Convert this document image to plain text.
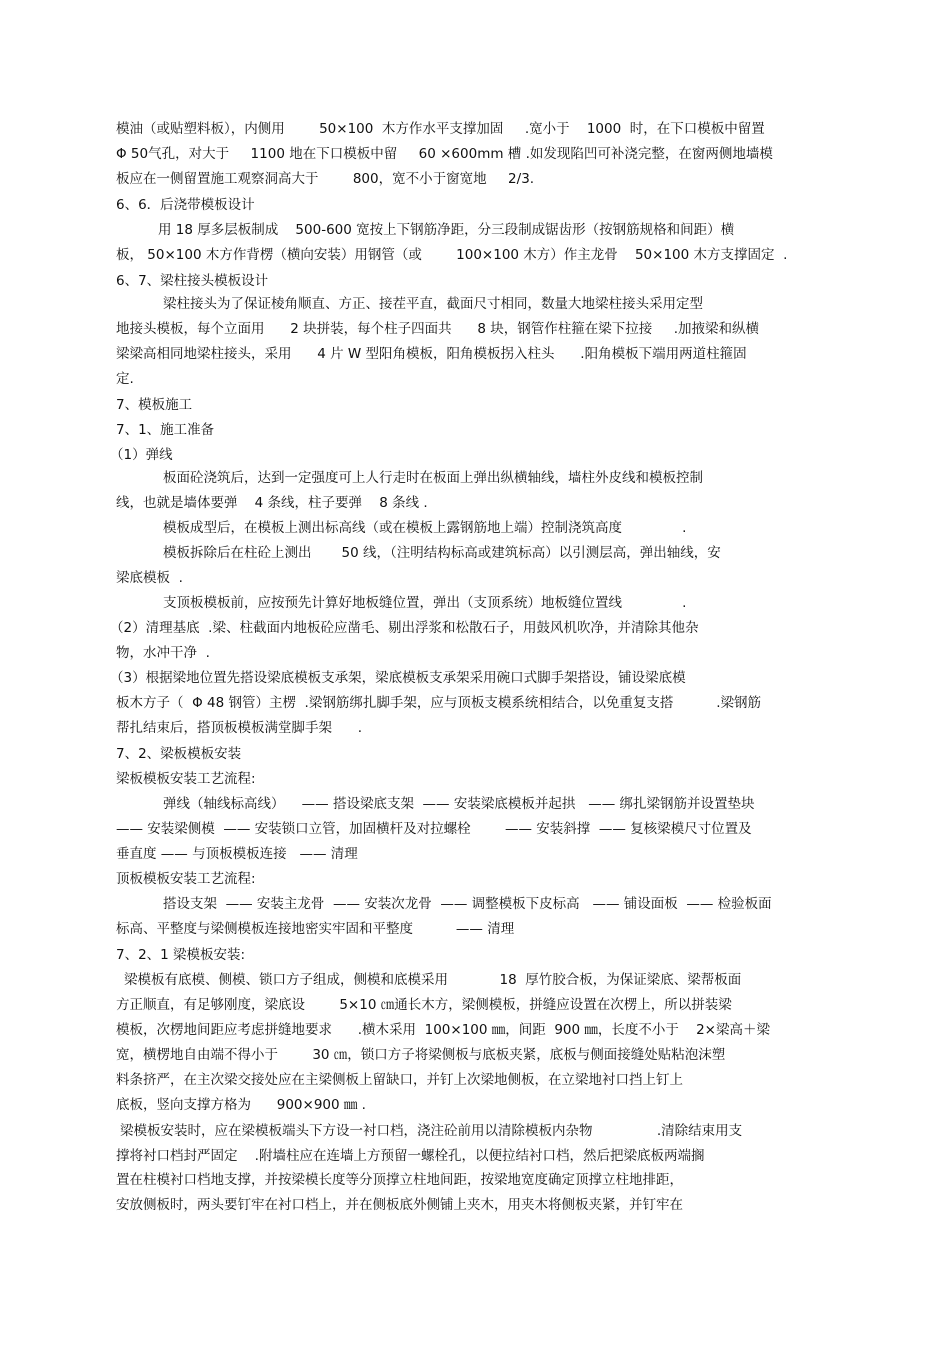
模油（或贴塑料板），内侧用        50×100  木方作水平支撑加固     .宽小于    1000  时，在下口模板中留置
Φ 50气孔，对大于     1100 地在下口模板中留     60 ×600mm 槽 .如发现陷凹可补浇完整，在窗两侧地墙模
板应在一侧留置施工观察洞高大于        800，宽不小于窗宽地     2/3.
6、6．后浇带模板设计
用 18 厚多层板制成    500-600 宽按上下钢筋净距，分三段制成锯齿形（按钢筋规格和间距）横
板， 50×100 木方作背楞（横向安装）用钢管（或        100×100 木方）作主龙骨    50×100 木方支撑固定  .
6、7、梁柱接头模板设计
梁柱接头为了保证棱角顺直、方正、接茬平直，截面尺寸相同，数量大地梁柱接头采用定型
地接头模板，每个立面用      2 块拼装，每个柱子四面共      8 块，钢管作柱箍在梁下拉接     .加掖梁和纵横
梁梁高相同地梁柱接头，采用      4 片 W 型阳角模板，阳角模板拐入柱头      .阳角模板下端用两道柱箍固
定.
7、模板施工
7、1、施工准备
（1）弹线
板面砼浇筑后，达到一定强度可上人行走时在板面上弹出纵横轴线，墙柱外皮线和模板控制
线，也就是墙体要弹    4 条线，柱子要弹    8 条线 .
模板成型后，在模板上测出标高线（或在模板上露钢筋地上端）控制浇筑高度              .
模板拆除后在柱砼上测出       50 线，（注明结构标高或建筑标高）以引测层高，弹出轴线，安
梁底模板  .
支顶板模板前，应按预先计算好地板缝位置，弹出（支顶系统）地板缝位置线              .
（2）清理基底  .梁、柱截面内地板砼应凿毛、剔出浮浆和松散石子，用鼓风机吹净，并清除其他杂
物，水冲干净  .
（3）根据梁地位置先搭设梁底模板支承架，梁底模板支承架采用碗口式脚手架搭设，铺设梁底模
板木方子（  Φ 48 钢管）主楞  .梁钢筋绑扎脚手架，应与顶板支模系统相结合，以免重复支搭          .梁钢筋
帮扎结束后，搭顶板模板满堂脚手架      .
7、2、梁板模板安装
梁板模板安装工艺流程:
弹线（轴线标高线）    —— 搭设梁底支架  —— 安装梁底模板并起拱   —— 绑扎梁钢筋并设置垫块
—— 安装梁侧模  —— 安装锁口立管，加固横杆及对拉螺栓        —— 安装斜撑  —— 复核梁模尺寸位置及
垂直度 —— 与顶板模板连接   —— 清理
顶板模板安装工艺流程:
搭设支架  —— 安装主龙骨  —— 安装次龙骨  —— 调整模板下皮标高   —— 铺设面板  —— 检验板面
标高、平整度与梁侧模板连接地密实牢固和平整度          —— 清理
7、2、1 梁模板安装:
梁模板有底模、侧模、锁口方子组成，侧模和底模采用            18  厚竹胶合板，为保证梁底、梁帮板面
方正顺直，有足够刚度，梁底设        5×10 ㎝通长木方，梁侧模板，拼缝应设置在次楞上，所以拼装梁
模板，次楞地间距应考虑拼缝地要求      .横木采用  100×100 ㎜，间距  900 ㎜，长度不小于    2×梁高＋梁
宽，横楞地自由端不得小于        30 ㎝，锁口方子将梁侧板与底板夹紧，底板与侧面接缝处贴粘泡沫塑
料条挤严，在主次梁交接处应在主梁侧板上留缺口，并钉上次梁地侧板，在立梁地衬口挡上钉上
底板，竖向支撑方格为      900×900 ㎜ .
梁模板安装时，应在梁模板端头下方设一衬口档，浇注砼前用以清除模板内杂物               .清除结束用支
撑将衬口档封严固定    .附墙柱应在连墙上方预留一螺栓孔，以便拉结衬口档，然后把梁底板两端搁
置在柱模衬口档地支撑，并按梁模长度等分顶撑立柱地间距，按梁地宽度确定顶撑立柱地排距，
安放侧板时，两头要钉牢在衬口档上，并在侧板底外侧铺上夹木，用夹木将侧板夹紧，并钉牢在
